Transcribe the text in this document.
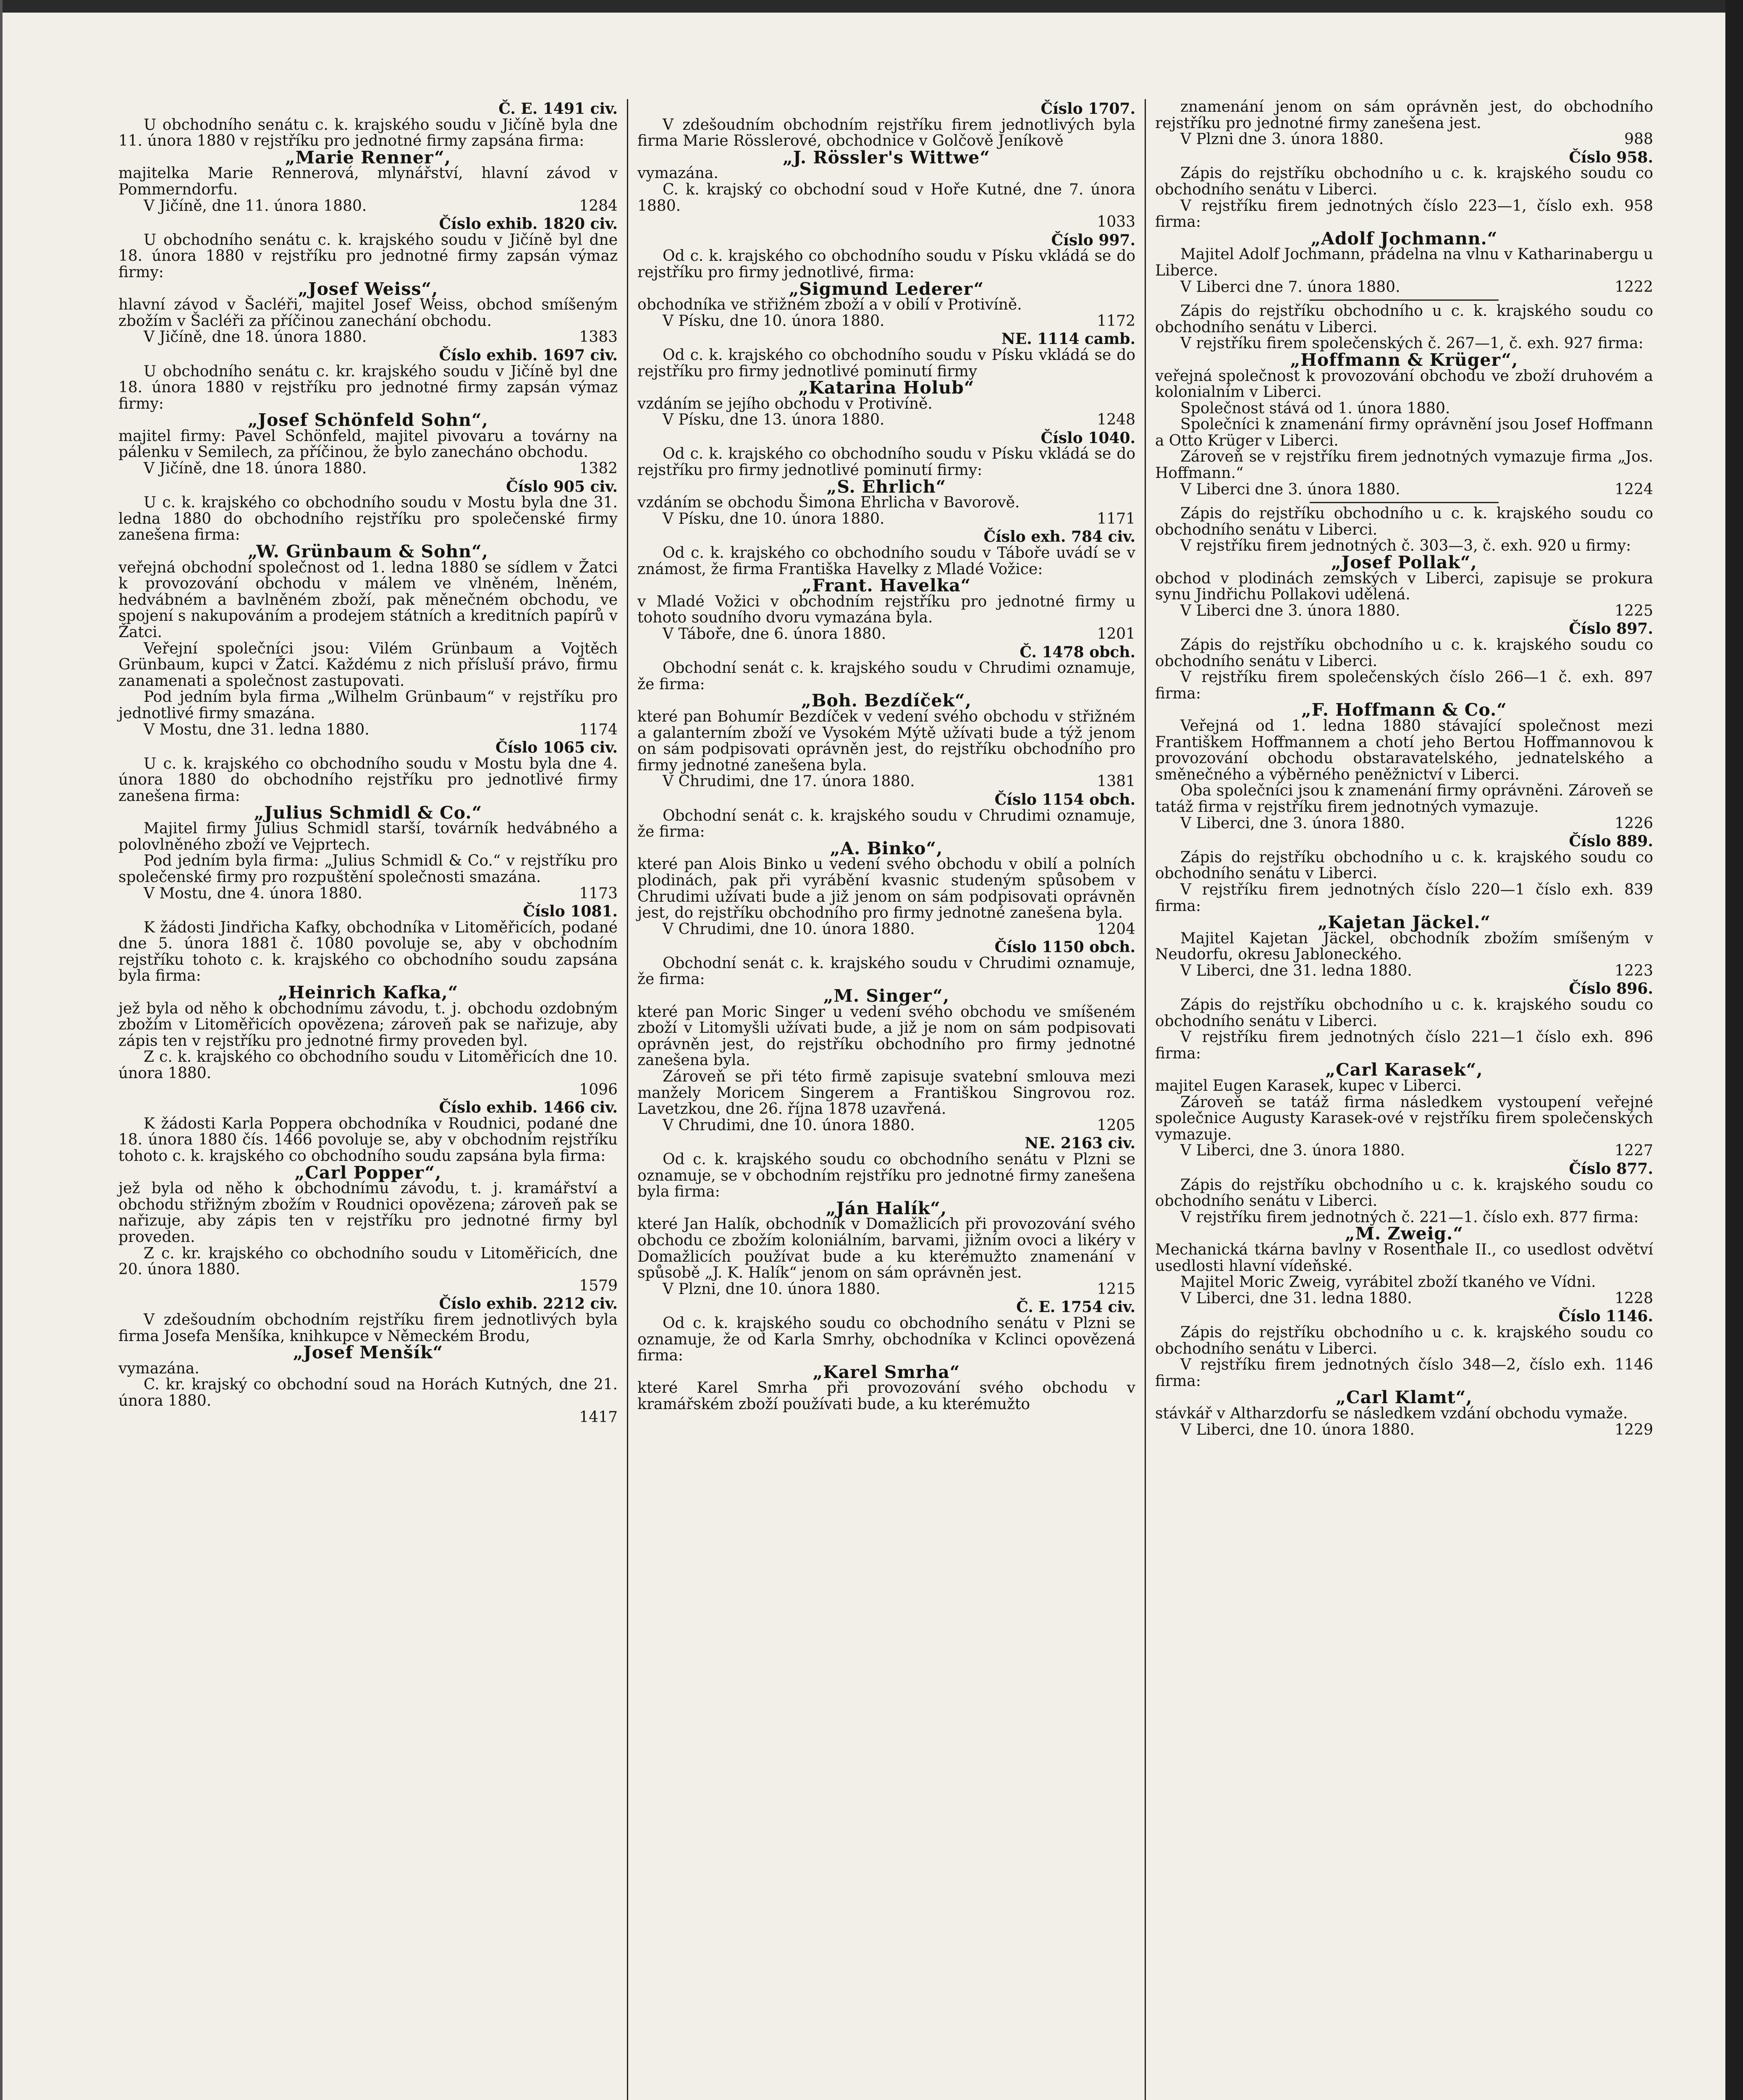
Č. E. 1491 civ.
U obchodního senátu c. k. krajského soudu v Jičíně byla dne 11. února 1880 v rejstříku pro jednotné firmy zapsána firma:
„Marie Renner“,
majitelka Marie Rennerová, mlynářství, hlavní závod v Pommerndorfu.
V Jičíně, dne 11. února 1880.	1284
Číslo exhib. 1820 civ.
U obchodního senátu c. k. krajského soudu v Jičíně byl dne 18. února 1880 v rejstříku pro jednotné firmy zapsán výmaz firmy:
„Josef Weiss“,
hlavní závod v Šacléři, majitel Josef Weiss, obchod smíšeným zbožím v Šacléři za příčinou zanechání obchodu.
V Jičíně, dne 18. února 1880.	1383
Číslo exhib. 1697 civ.
U obchodního senátu c. kr. krajského soudu v Jičíně byl dne 18. února 1880 v rejstříku pro jednotné firmy zapsán výmaz firmy:
„Josef Schönfeld Sohn“,
majitel firmy: Pavel Schönfeld, majitel pivovaru a továrny na pálenku v Semilech, za příčinou, že bylo zanecháno obchodu.
V Jičíně, dne 18. února 1880.	1382
Číslo 905 civ.
U c. k. krajského co obchodního soudu v Mostu byla dne 31. ledna 1880 do obchodního rejstříku pro společenské firmy zanešena firma:
„W. Grünbaum & Sohn“,
veřejná obchodní společnost od 1. ledna 1880 se sídlem v Žatci k provozování obchodu v málem ve vlněném, lněném, hedvábném a bavlněném zboží, pak měnečném obchodu, ve spojení s nakupováním a prodejem státních a kreditních papírů v Žatci.
Veřejní společníci jsou: Vilém Grünbaum a Vojtěch Grünbaum, kupci v Žatci. Každému z nich přísluší právo, firmu zanamenati a společnost zastupovati.
Pod jedním byla firma „Wilhelm Grünbaum“ v rejstříku pro jednotlivé firmy smazána.
V Mostu, dne 31. ledna 1880.	1174
Číslo 1065 civ.
U c. k. krajského co obchodního soudu v Mostu byla dne 4. února 1880 do obchodního rejstříku pro jednotlivé firmy zanešena firma:
„Julius Schmidl & Co.“
Majitel firmy Julius Schmidl starší, továrník hedvábného a polovlněného zboží ve Vejprtech.
Pod jedním byla firma: „Julius Schmidl & Co.“ v rejstříku pro společenské firmy pro rozpuštění společnosti smazána.
V Mostu, dne 4. února 1880.	1173
Číslo 1081.
K žádosti Jindřicha Kafky, obchodníka v Litoměřicích, podané dne 5. února 1881 č. 1080 povoluje se, aby v obchodním rejstříku tohoto c. k. krajského co obchodního soudu zapsána byla firma:
„Heinrich Kafka,“
jež byla od něho k obchodnímu závodu, t. j. obchodu ozdobným zbožím v Litoměřicích opovězena; zároveň pak se nařizuje, aby zápis ten v rejstříku pro jednotné firmy proveden byl.
Z c. k. krajského co obchodního soudu v Litoměřicích dne 10. února 1880.
1096
Číslo exhib. 1466 civ.
K žádosti Karla Poppera obchodníka v Roudnici, podané dne 18. února 1880 čís. 1466 povoluje se, aby v obchodním rejstříku tohoto c. k. krajského co obchodního soudu zapsána byla firma:
„Carl Popper“,
jež byla od něho k obchodnímu závodu, t. j. kramářství a obchodu střižným zbožím v Roudnici opovězena; zároveň pak se nařizuje, aby zápis ten v rejstříku pro jednotné firmy byl proveden.
Z c. kr. krajského co obchodního soudu v Litoměřicích, dne 20. února 1880.
1579
Číslo exhib. 2212 civ.
V zdešoudním obchodním rejstříku firem jednotlivých byla firma Josefa Menšíka, knihkupce v Německém Brodu,
„Josef Menšík“
vymazána.
C. kr. krajský co obchodní soud na Horách Kutných, dne 21. února 1880.
1417
Číslo 1707.
V zdešoudním obchodním rejstříku firem jednotlivých byla firma Marie Rösslerové, obchodnice v Golčově Jeníkově
„J. Rössler's Wittwe“
vymazána.
C. k. krajský co obchodní soud v Hoře Kutné, dne 7. února 1880.
1033
Číslo 997.
Od c. k. krajského co obchodního soudu v Písku vkládá se do rejstříku pro firmy jednotlivé, firma:
„Sigmund Lederer“
obchodníka ve střižném zboží a v obilí v Protivíně.
V Písku, dne 10. února 1880.	1172
NE. 1114 camb.
Od c. k. krajského co obchodního soudu v Písku vkládá se do rejstříku pro firmy jednotlivé pominutí firmy
„Katarina Holub“
vzdáním se jejího obchodu v Protivíně.
V Písku, dne 13. února 1880.	1248
Číslo 1040.
Od c. k. krajského co obchodního soudu v Písku vkládá se do rejstříku pro firmy jednotlivé pominutí firmy:
„S. Ehrlich“
vzdáním se obchodu Šimona Ehrlicha v Bavorově.
V Písku, dne 10. února 1880.	1171
Číslo exh. 784 civ.
Od c. k. krajského co obchodního soudu v Táboře uvádí se v známost, že firma Františka Havelky z Mladé Vožice:
„Frant. Havelka“
v Mladé Vožici v obchodním rejstříku pro jednotné firmy u tohoto soudního dvoru vymazána byla.
V Táboře, dne 6. února 1880.	1201
Č. 1478 obch.
Obchodní senát c. k. krajského soudu v Chrudimi oznamuje, že firma:
„Boh. Bezdíček“,
které pan Bohumír Bezdíček v vedení svého obchodu v střižném a galanterním zboží ve Vysokém Mýtě užívati bude a týž jenom on sám podpisovati oprávněn jest, do rejstříku obchodního pro firmy jednotné zanešena byla.
V Chrudimi, dne 17. února 1880.	1381
Číslo 1154 obch.
Obchodní senát c. k. krajského soudu v Chrudimi oznamuje, že firma:
„A. Binko“,
které pan Alois Binko u vedení svého obchodu v obilí a polních plodinách, pak při vyrábění kvasnic studeným spůsobem v Chrudimi užívati bude a již jenom on sám podpisovati oprávněn jest, do rejstříku obchodního pro firmy jednotné zanešena byla.
V Chrudimi, dne 10. února 1880.	1204
Číslo 1150 obch.
Obchodní senát c. k. krajského soudu v Chrudimi oznamuje, že firma:
„M. Singer“,
které pan Moric Singer u vedení svého obchodu ve smíšeném zboží v Litomyšli užívati bude, a již je nom on sám podpisovati oprávněn jest, do rejstříku obchodního pro firmy jednotné zanešena byla.
Zároveň se při této firmě zapisuje svatební smlouva mezi manžely Moricem Singerem a Františkou Singrovou roz. Lavetzkou, dne 26. října 1878 uzavřená.
V Chrudimi, dne 10. února 1880.	1205
NE. 2163 civ.
Od c. k. krajského soudu co obchodního senátu v Plzni se oznamuje, se v obchodním rejstříku pro jednotné firmy zanešena byla firma:
„Ján Halík“,
které Jan Halík, obchodník v Domažlicích při provozování svého obchodu ce zbožím koloniálním, barvami, jižním ovoci a likéry v Domažlicích používat bude a ku kterémužto znamenání v spůsobě „J. K. Halík“ jenom on sám oprávněn jest.
V Plzni, dne 10. února 1880.	1215
Č. E. 1754 civ.
Od c. k. krajského soudu co obchodního senátu v Plzni se oznamuje, že od Karla Smrhy, obchodníka v Kclinci opovězená firma:
„Karel Smrha“
které Karel Smrha při provozování svého obchodu v kramářském zboží používati bude, a ku kterémužto
znamenání jenom on sám oprávněn jest, do obchodního rejstříku pro jednotné firmy zanešena jest.
V Plzni dne 3. února 1880.	988
Číslo 958.
Zápis do rejstříku obchodního u c. k. krajského soudu co obchodního senátu v Liberci.
V rejstříku firem jednotných číslo 223—1, číslo exh. 958 firma:
„Adolf Jochmann.“
Majitel Adolf Jochmann, přádelna na vlnu v Katharinabergu u Liberce.
V Liberci dne 7. února 1880.	1222
Zápis do rejstříku obchodního u c. k. krajského soudu co obchodního senátu v Liberci.
V rejstříku firem společenských č. 267—1, č. exh. 927 firma:
„Hoffmann & Krüger“,
veřejná společnost k provozování obchodu ve zboží druhovém a kolonialním v Liberci.
Společnost stává od 1. února 1880.
Společníci k znamenání firmy oprávnění jsou Josef Hoffmann a Otto Krüger v Liberci.
Zároveň se v rejstříku firem jednotných vymazuje firma „Jos. Hoffmann.“
V Liberci dne 3. února 1880.	1224
Zápis do rejstříku obchodního u c. k. krajského soudu co obchodního senátu v Liberci.
V rejstříku firem jednotných č. 303—3, č. exh. 920 u firmy:
„Josef Pollak“,
obchod v plodinách zemských v Liberci, zapisuje se prokura synu Jindřichu Pollakovi udělená.
V Liberci dne 3. února 1880.	1225
Číslo 897.
Zápis do rejstříku obchodního u c. k. krajského soudu co obchodního senátu v Liberci.
V rejstříku firem společenských číslo 266—1 č. exh. 897 firma:
„F. Hoffmann & Co.“
Veřejná od 1. ledna 1880 stávající společnost mezi Františkem Hoffmannem a chotí jeho Bertou Hoffmannovou k provozování obchodu obstaravatelského, jednatelského a směnečného a výběrného peněžnictví v Liberci.
Oba společníci jsou k znamenání firmy oprávněni. Zároveň se tatáž firma v rejstříku firem jednotných vymazuje.
V Liberci, dne 3. února 1880.	1226
Číslo 889.
Zápis do rejstříku obchodního u c. k. krajského soudu co obchodního senátu v Liberci.
V rejstříku firem jednotných číslo 220—1 číslo exh. 839 firma:
„Kajetan Jäckel.“
Majitel Kajetan Jäckel, obchodník zbožím smíšeným v Neudorfu, okresu Jabloneckého.
V Liberci, dne 31. ledna 1880.	1223
Číslo 896.
Zápis do rejstříku obchodního u c. k. krajského soudu co obchodního senátu v Liberci.
V rejstříku firem jednotných číslo 221—1 číslo exh. 896 firma:
„Carl Karasek“,
majitel Eugen Karasek, kupec v Liberci.
Zároveň se tatáž firma následkem vystoupení veřejné společnice Augusty Karasek-ové v rejstříku firem společenských vymazuje.
V Liberci, dne 3. února 1880.	1227
Číslo 877.
Zápis do rejstříku obchodního u c. k. krajského soudu co obchodního senátu v Liberci.
V rejstříku firem jednotných č. 221—1. číslo exh. 877 firma:
„M. Zweig.“
Mechanická tkárna bavlny v Rosenthale II., co usedlost odvětví usedlosti hlavní vídeňské.
Majitel Moric Zweig, vyrábitel zboží tkaného ve Vídni.
V Liberci, dne 31. ledna 1880.	1228
Číslo 1146.
Zápis do rejstříku obchodního u c. k. krajského soudu co obchodního senátu v Liberci.
V rejstříku firem jednotných číslo 348—2, číslo exh. 1146 firma:
„Carl Klamt“,
stávkář v Altharzdorfu se následkem vzdání obchodu vymaže.
V Liberci, dne 10. února 1880.	1229
